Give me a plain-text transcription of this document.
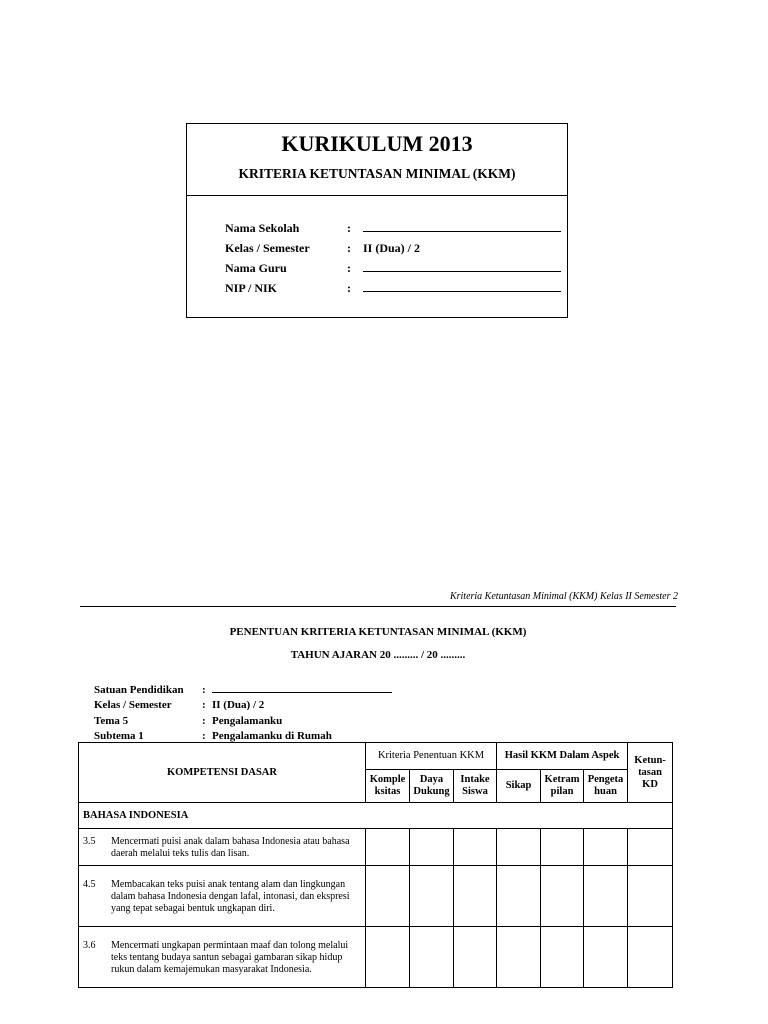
KURIKULUM 2013
KRITERIA KETUNTASAN MINIMAL (KKM)
Nama Sekolah	:
Kelas / Semester	:	II (Dua) / 2
Nama Guru	:
NIP / NIK	:
Kriteria Ketuntasan Minimal (KKM) Kelas II Semester 2
PENENTUAN KRITERIA KETUNTASAN MINIMAL (KKM)
TAHUN AJARAN 20 ......... / 20 .........
Satuan Pendidikan	:
Kelas / Semester	: II (Dua) / 2
Tema 5	: Pengalamanku
Subtema 1	: Pengalamanku di Rumah
KOMPETENSI DASAR	Kriteria Penentuan KKM			Hasil KKM Dalam Aspek			Ketun-tasan KD
	Komple ksitas	Daya Dukung	Intake Siswa	Sikap	Ketram pilan	Pengeta huan	
BAHASA INDONESIA							

3.5 Mencermati puisi anak dalam bahasa Indonesia atau bahasa daerah melalui teks tulis dan lisan.							

4.5 Membacakan teks puisi anak tentang alam dan lingkungan dalam bahasa Indonesia dengan lafal, intonasi, dan ekspresi yang tepat sebagai bentuk ungkapan diri.							

3.6 Mencermati ungkapan permintaan maaf dan tolong melalui teks tentang budaya santun sebagai gambaran sikap hidup rukun dalam kemajemukan masyarakat Indonesia.							
